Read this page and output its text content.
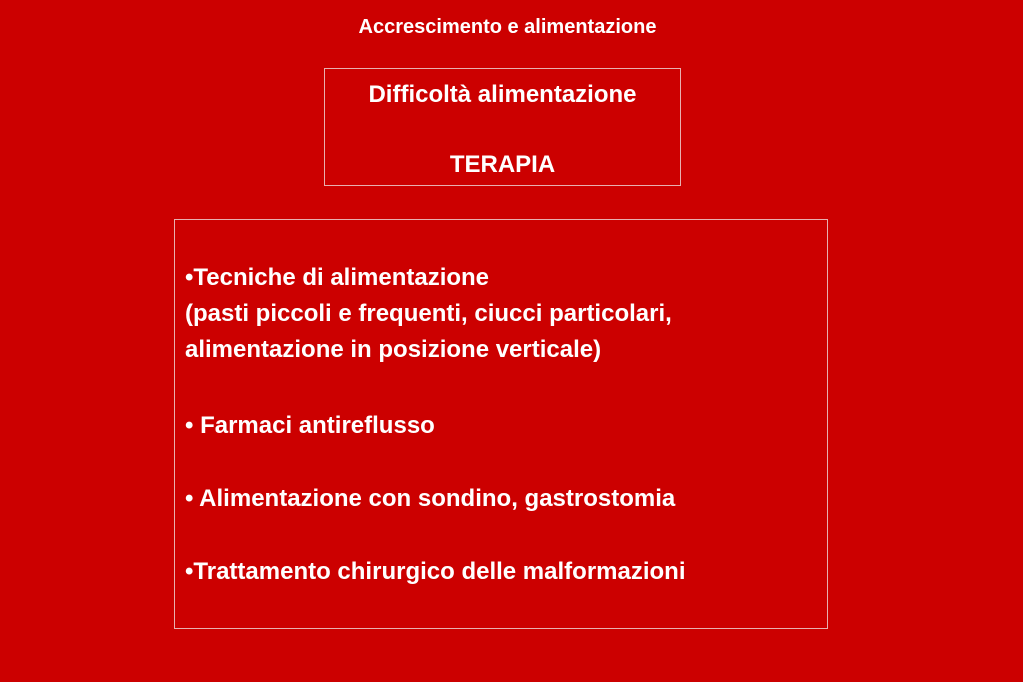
Accrescimento e alimentazione
Difficoltà alimentazione
TERAPIA
•Tecniche di alimentazione
(pasti piccoli e frequenti, ciucci particolari,
alimentazione in posizione verticale)
• Farmaci antireflusso
• Alimentazione con sondino, gastrostomia
•Trattamento chirurgico delle malformazioni
